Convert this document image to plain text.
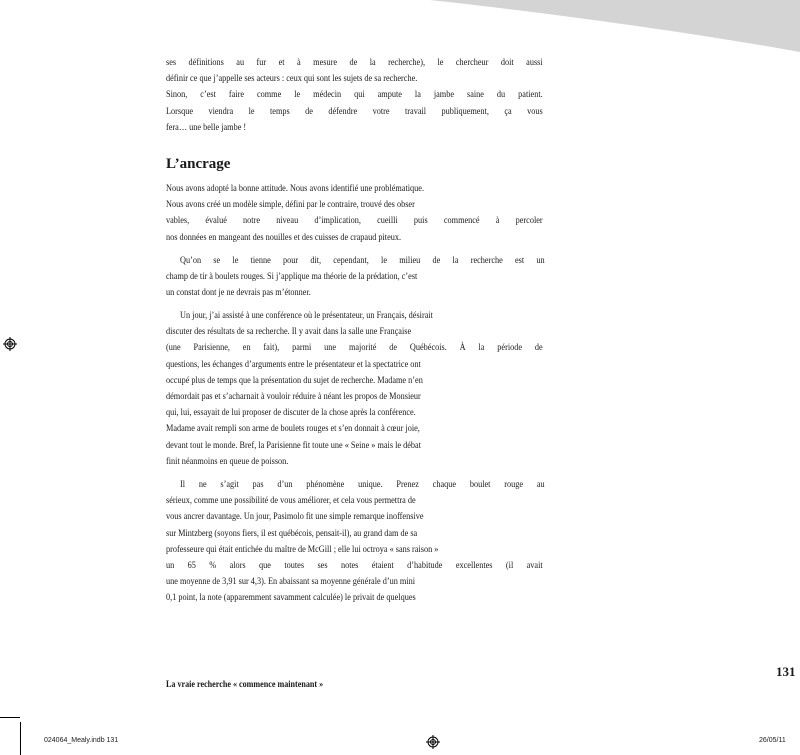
ses définitions au fur et à mesure de la recherche), le chercheur doit aussi
définir ce que j’appelle ses acteurs : ceux qui sont les sujets de sa recherche.
Sinon, c’est faire comme le médecin qui ampute la jambe saine du patient.
Lorsque viendra le temps de défendre votre travail publiquement, ça vous
fera… une belle jambe !
L’ancrage
Nous avons adopté la bonne attitude. Nous avons identifié une problématique.
Nous avons créé un modèle simple, défini par le contraire, trouvé des obser
vables, évalué notre niveau d’implication, cueilli puis commencé à percoler
nos données en mangeant des nouilles et des cuisses de crapaud piteux.
Qu’on se le tienne pour dit, cependant, le milieu de la recherche est un
champ de tir à boulets rouges. Si j’applique ma théorie de la prédation, c’est
un constat dont je ne devrais pas m’étonner.
Un jour, j’ai assisté à une conférence où le présentateur, un Français, désirait
discuter des résultats de sa recherche. Il y avait dans la salle une Française
(une Parisienne, en fait), parmi une majorité de Québécois. À la période de
questions, les échanges d’arguments entre le présentateur et la spectatrice ont
occupé plus de temps que la présentation du sujet de recherche. Madame n’en
démordait pas et s’acharnait à vouloir réduire à néant les propos de Monsieur
qui, lui, essayait de lui proposer de discuter de la chose après la conférence.
Madame avait rempli son arme de boulets rouges et s’en donnait à cœur joie,
devant tout le monde. Bref, la Parisienne fit toute une « Seine » mais le débat
finit néanmoins en queue de poisson.
Il ne s’agit pas d’un phénomène unique. Prenez chaque boulet rouge au
sérieux, comme une possibilité de vous améliorer, et cela vous permettra de
vous ancrer davantage. Un jour, Pasimolo fit une simple remarque inoffensive
sur Mintzberg (soyons fiers, il est québécois, pensait-il), au grand dam de sa
professeure qui était entichée du maître de McGill ; elle lui octroya « sans raison »
un 65 % alors que toutes ses notes étaient d’habitude excellentes (il avait
une moyenne de 3,91 sur 4,3). En abaissant sa moyenne générale d’un mini
0,1 point, la note (apparemment savamment calculée) le privait de quelques
131
La vraie recherche « commence maintenant »
024064_Mealy.indb 131	26/05/11
